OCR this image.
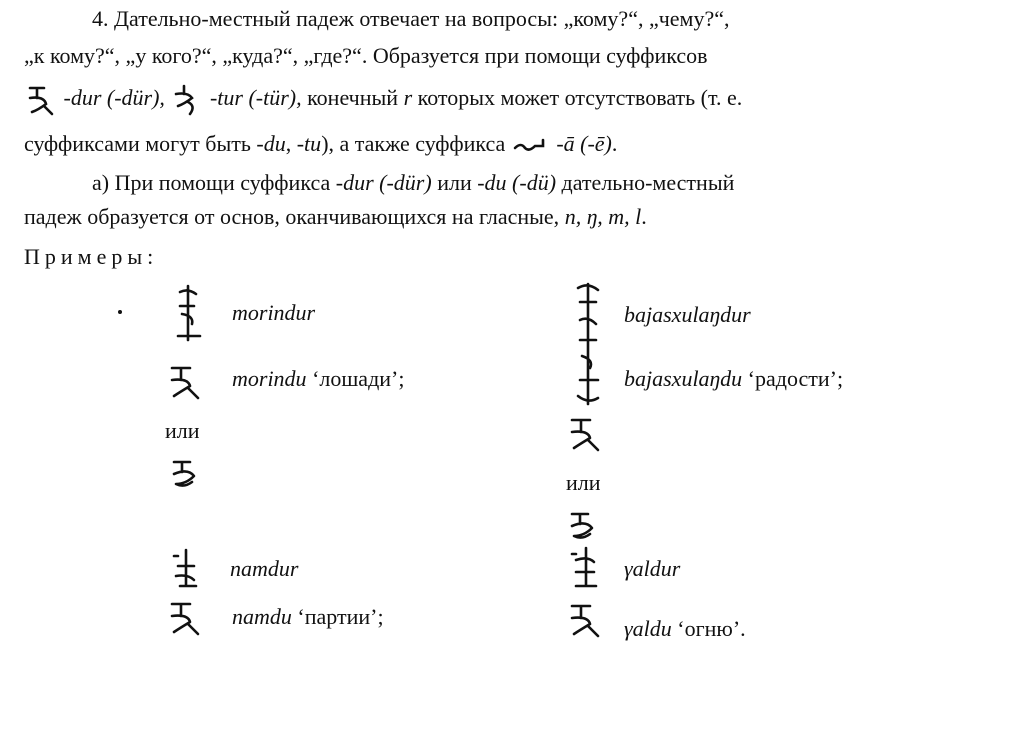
4. Дательно-местный падеж отвечает на вопросы: „кому?“, „чему?“,
„к кому?“, „у кого?“, „куда?“, „где?“. Образуется при помощи суффиксов
-dur (-dür), -tur (-tür), конечный r которых может отсутствовать (т. е.
суффиксами могут быть -du, -tu), а также суффикса  -ā (-ē).
а) При помощи суффикса -dur (-dür) или -du (-dü) дательно-местный
падеж образуется от основ, оканчивающихся на гласные, n, ŋ, m, l.
Примеры:
morindur
morindu ‘лошади’;
или
namdur
namdu ‘партии’;
bajasxulaŋdur
bajasxulaŋdu ‘радости’;
или
γaldur
γaldu ‘огню’.
